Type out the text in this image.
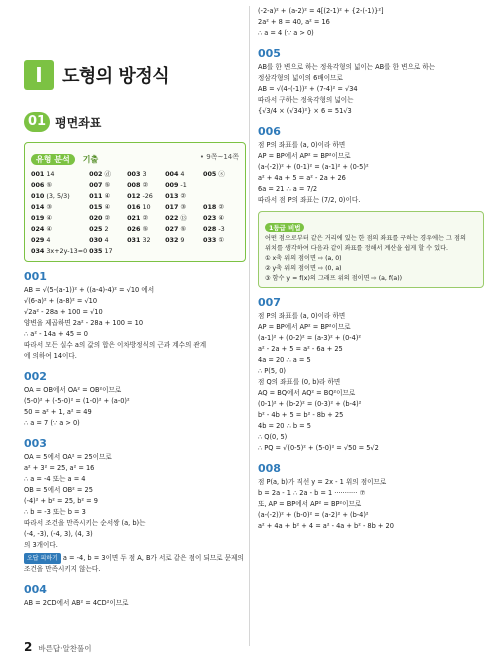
I	도형의 방정식
01 평면좌표
유형 분석 기출	• 9쪽~14쪽
001 14	002 ⓓ	003 3	004 4	005 ⓢ
006 ⑤	007 ⑤	008 ②	009 -1
010 (3, 5/3)	011 ④	012 -26	013 ②
014 ③	015 ④	016 10	017 ③	018 ②
019 ④	020 ②	021 ②	022 ⑬	023 ④
024 ④	025 2	026 ⑤	027 ⑤	028 -3
029 4	030 4	031 32	032 9	033 ①
034 3x+2y-13=0 035 17
001
AB = √(5-(a-1))² + ((a-4)-4)² = √10 에서
√(6-a)² + (a-8)² = √10
√2a² - 28a + 100 = √10
양변을 제곱하면 2a² - 28a + 100 = 10
∴ a² - 14a + 45 = 0
따라서 모든 실수 a의 값의 합은 이차방정식의 근과 계수의 관계
에 의하여 14이다.
002
OA = OB에서 OA² = OB²이므로
(5-0)² + (-5-0)² = (1-0)² + (a-0)²
50 = a² + 1, a² = 49
∴ a = 7 (∵ a > 0)
003
OA = 5에서 OA² = 25이므로
a² + 3² = 25, a² = 16
∴ a = -4 또는 a = 4
OB = 5에서 OB² = 25
(-4)² + b² = 25, b² = 9
∴ b = -3 또는 b = 3
따라서 조건을 만족시키는 순서쌍 (a, b)는
(-4, -3), (-4, 3), (4, 3)
의 3개이다.
오답 피하기 a = -4, b = 3이면 두 점 A, B가 서로 같은 점이 되므로 문제의 조건을 만족시키지 않는다.
004
AB = 2CD에서 AB² = 4CD²이므로
(-2-a)² + (a-2)² = 4[(2-1)² + {2-(-1)}²]
2a² + 8 = 40, a² = 16
∴ a = 4 (∵ a > 0)
005
AB를 한 변으로 하는 정육각형의 넓이는 AB를 한 변으로 하는
정삼각형의 넓이의 6배이므로
AB = √(4-(-1))² + (7-4)² = √34
따라서 구하는 정육각형의 넓이는
{√3/4 × (√34)²} × 6 = 51√3
006
점 P의 좌표를 (a, 0)이라 하면
AP = BP에서 AP² = BP²이므로
(a-(-2))² + (0-1)² = (a-1)² + (0-5)²
a² + 4a + 5 = a² - 2a + 26
6a = 21 ∴ a = 7/2
따라서 점 P의 좌표는 (7/2, 0)이다.
1등급 비법
어떤 점으로부터 같은 거리에 있는 한 점의 좌표를 구하는 경우에는 그 점의
위치를 생각하여 다음과 같이 좌표를 정해서 계산을 쉽게 할 수 있다.
① x축 위의 점이면 ⇨ (a, 0)
② y축 위의 점이면 ⇨ (0, a)
③ 함수 y = f(x)의 그래프 위의 점이면 ⇨ (a, f(a))
007
점 P의 좌표를 (a, 0)이라 하면
AP = BP에서 AP² = BP²이므로
(a-1)² + (0-2)² = (a-3)² + (0-4)²
a² - 2a + 5 = a² - 6a + 25
4a = 20 ∴ a = 5
∴ P(5, 0)
점 Q의 좌표를 (0, b)라 하면
AQ = BQ에서 AQ² = BQ²이므로
(0-1)² + (b-2)² = (0-3)² + (b-4)²
b² - 4b + 5 = b² - 8b + 25
4b = 20 ∴ b = 5
∴ Q(0, 5)
∴ PQ = √(0-5)² + (5-0)² = √50 = 5√2
008
점 P(a, b)가 직선 y = 2x - 1 위의 점이므로
b = 2a - 1 ∴ 2a - b = 1 ··········· ⑦
또, AP = BP에서 AP² = BP²이므로
(a-(-2))² + (b-0)² = (a-2)² + (b-4)²
a² + 4a + b² + 4 = a² - 4a + b² - 8b + 20
2 바른답·알찬풀이
